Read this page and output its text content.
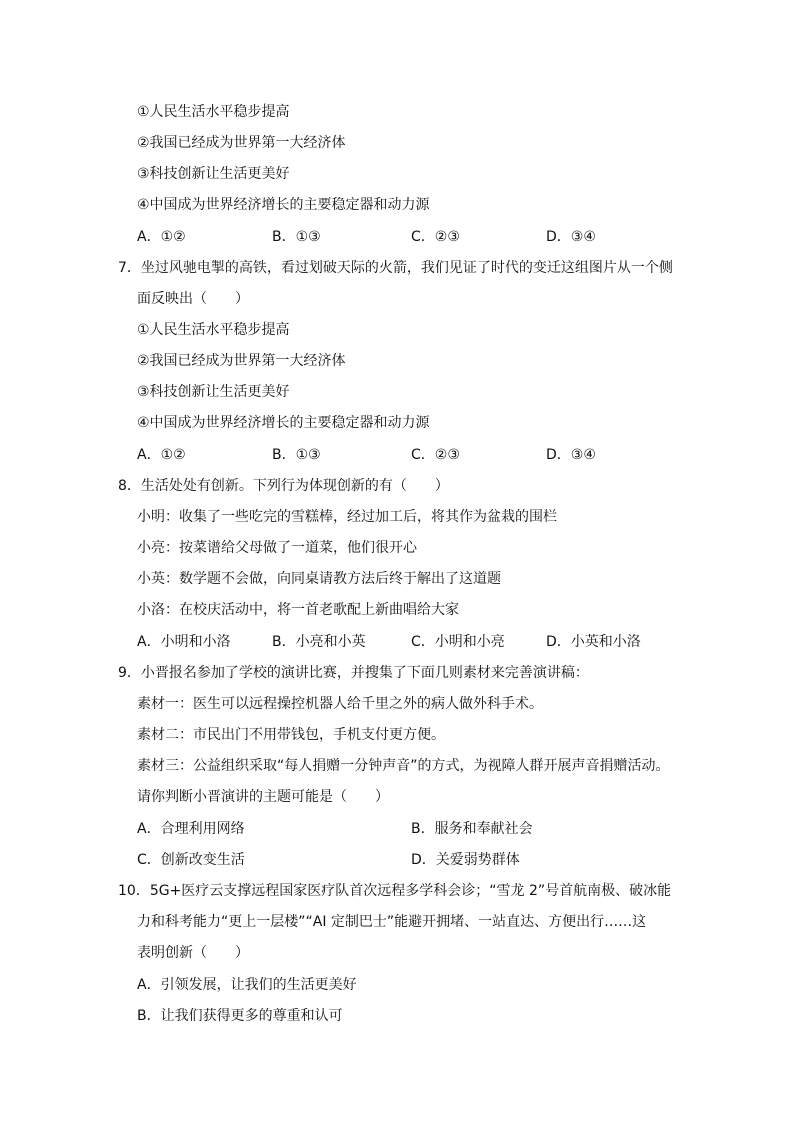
①人民生活水平稳步提高
②我国已经成为世界第一大经济体
③科技创新让生活更美好
④中国成为世界经济增长的主要稳定器和动力源
A．①②	B．①③	C．②③	D．③④
7．坐过风驰电掣的高铁，看过划破天际的火箭，我们见证了时代的变迁这组图片从一个侧
面反映出（　　）
①人民生活水平稳步提高
②我国已经成为世界第一大经济体
③科技创新让生活更美好
④中国成为世界经济增长的主要稳定器和动力源
A．①②	B．①③	C．②③	D．③④
8．生活处处有创新。下列行为体现创新的有（　　）
小明：收集了一些吃完的雪糕棒，经过加工后，将其作为盆栽的围栏
小亮：按菜谱给父母做了一道菜，他们很开心
小英：数学题不会做，向同桌请教方法后终于解出了这道题
小洛：在校庆活动中，将一首老歌配上新曲唱给大家
A．小明和小洛	B．小亮和小英	C．小明和小亮	D．小英和小洛
9．小晋报名参加了学校的演讲比赛，并搜集了下面几则素材来完善演讲稿：
素材一：医生可以远程操控机器人给千里之外的病人做外科手术。
素材二：市民出门不用带钱包，手机支付更方便。
素材三：公益组织采取“每人捐赠一分钟声音”的方式，为视障人群开展声音捐赠活动。
请你判断小晋演讲的主题可能是（　　）
A．合理利用网络	B．服务和奉献社会
C．创新改变生活	D．关爱弱势群体
10．5G+医疗云支撑远程国家医疗队首次远程多学科会诊；“雪龙 2”号首航南极、破冰能
力和科考能力“更上一层楼”“AI 定制巴士”能避开拥堵、一站直达、方便出行……这
表明创新（　　）
A．引领发展，让我们的生活更美好
B．让我们获得更多的尊重和认可
